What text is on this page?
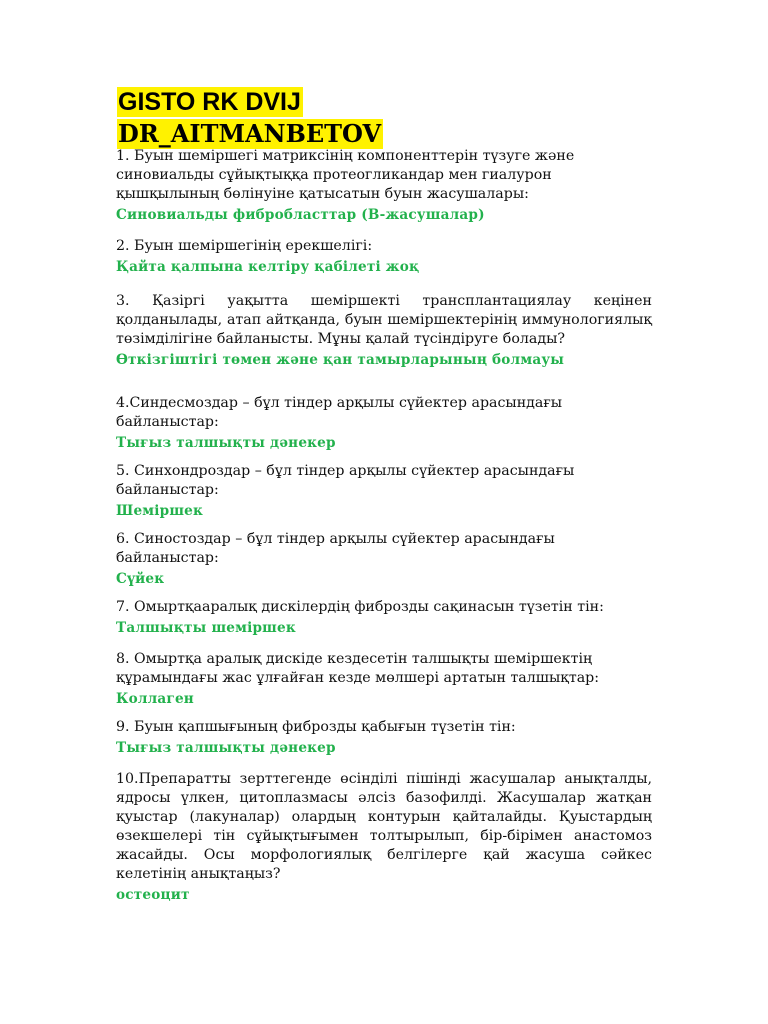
GISTO RK DVIJ
DR_AITMANBETOV

1. Буын шеміршегі матриксінің компоненттерін түзуге және синовиальды сұйықтыққа протеогликандар мен гиалурон қышқылының бөлінуіне қатысатын буын жасушалары:

Синовиальды фибробласттар (В-жасушалар)

2. Буын шеміршегінің ерекшелігі:

Қайта қалпына келтіру қабілеті жоқ

3. Қазіргі уақытта шеміршекті трансплантациялау кеңінен қолданылады, атап айтқанда, буын шеміршектерінің иммунологиялық төзімділігіне байланысты. Мұны қалай түсіндіруге болады?

Өткізгіштігі төмен және қан тамырларының болмауы

4.Синдесмоздар – бұл тіндер арқылы сүйектер арасындағы байланыстар:

Тығыз талшықты дәнекер

5. Синхондроздар – бұл тіндер арқылы сүйектер арасындағы байланыстар:

Шеміршек

6. Синостоздар – бұл тіндер арқылы сүйектер арасындағы байланыстар:

Сүйек

7. Омыртқааралық дискілердің фиброзды сақинасын түзетін тін:

Талшықты шеміршек

8. Омыртқа аралық дискіде кездесетін талшықты шеміршектің құрамындағы жас ұлғайған кезде мөлшері артатын талшықтар:

Коллаген

9. Буын қапшығының фиброзды қабығын түзетін тін:

Тығыз талшықты дәнекер

10.Препаратты зерттегенде өсінділі пішінді жасушалар анықталды, ядросы үлкен, цитоплазмасы әлсіз базофилді. Жасушалар жатқан қуыстар (лакуналар) олардың контурын қайталайды. Қуыстардың өзекшелері тін сұйықтығымен толтырылып, бір-бірімен анастомоз жасайды. Осы морфологиялық белгілерге қай жасуша сәйкес келетінің анықтаңыз?

остеоцит
